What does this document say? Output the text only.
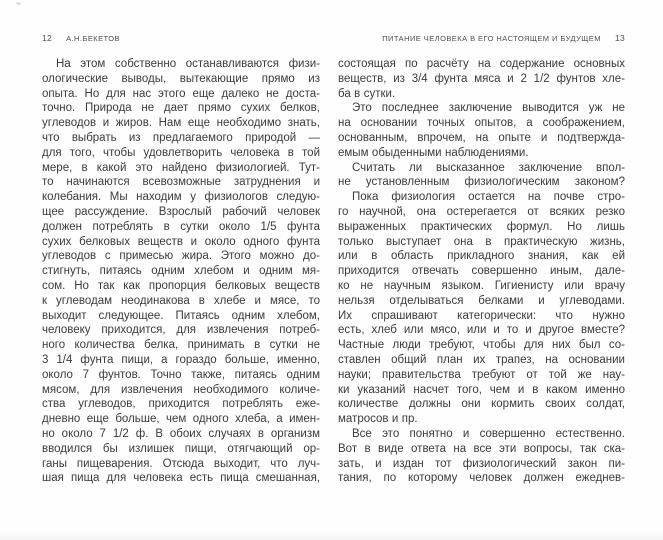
12 А.Н.БЕКЕТОВ
На этом собственно останавливаются физи-
ологические выводы, вытекающие прямо из
опыта. Но для нас этого еще далеко не доста-
точно. Природа не дает прямо сухих белков,
углеводов и жиров. Нам еще необходимо знать,
что выбрать из предлагаемого природой —
для того, чтобы удовлетворить человека в той
мере, в какой это найдено физиологией. Тут-
то начинаются всевозможные затруднения и
колебания. Мы находим у физиологов следую-
щее рассуждение. Взрослый рабочий человек
должен потреблять в сутки около 1/5 фунта
сухих белковых веществ и около одного фунта
углеводов с примесью жира. Этого можно до-
стигнуть, питаясь одним хлебом и одним мя-
сом. Но так как пропорция белковых веществ
к углеводам неодинакова в хлебе и мясе, то
выходит следующее. Питаясь одним хлебом,
человеку приходится, для извлечения потреб-
ного количества белка, принимать в сутки не
3 1/4 фунта пищи, а гораздо больше, именно,
около 7 фунтов. Точно также, питаясь одним
мясом, для извлечения необходимого количе-
ства углеводов, приходится потреблять еже-
дневно еще больше, чем одного хлеба, а имен-
но около 7 1/2 ф. В обоих случаях в организм
вводился бы излишек пищи, отягчающий ор-
ганы пищеварения. Отсюда выходит, что луч-
шая пища для человека есть пища смешанная,
ПИТАНИЕ ЧЕЛОВЕКА В ЕГО НАСТОЯЩЕМ И БУДУЩЕМ 13
состоящая по расчёту на содержание основных
веществ, из 3/4 фунта мяса и 2 1/2 фунтов хле-
ба в сутки.
Это последнее заключение выводится уж не
на основании точных опытов, а соображением,
основанным, впрочем, на опыте и подтвержда-
емым обыденными наблюдениями.
Считать ли высказанное заключение впол-
не установленным физиологическим законом?
Пока физиология остается на почве стро-
го научной, она остерегается от всяких резко
выраженных практических формул. Но лишь
только выступает она в практическую жизнь,
или в область прикладного знания, как ей
приходится отвечать совершенно иным, дале-
ко не научным языком. Гигиенисту или врачу
нельзя отделываться белками и углеводами.
Их спрашивают категорически: что нужно
есть, хлеб или мясо, или и то и другое вместе?
Частные люди требуют, чтобы для них был со-
ставлен общий план их трапез, на основании
науки; правительства требуют от той же нау-
ки указаний насчет того, чем и в каком именно
количестве должны они кормить своих солдат,
матросов и пр.
Все это понятно и совершенно естественно.
Вот в виде ответа на все эти вопросы, так ска-
зать, и издан тот физиологический закон пи-
тания, по которому человек должен ежеднев-
